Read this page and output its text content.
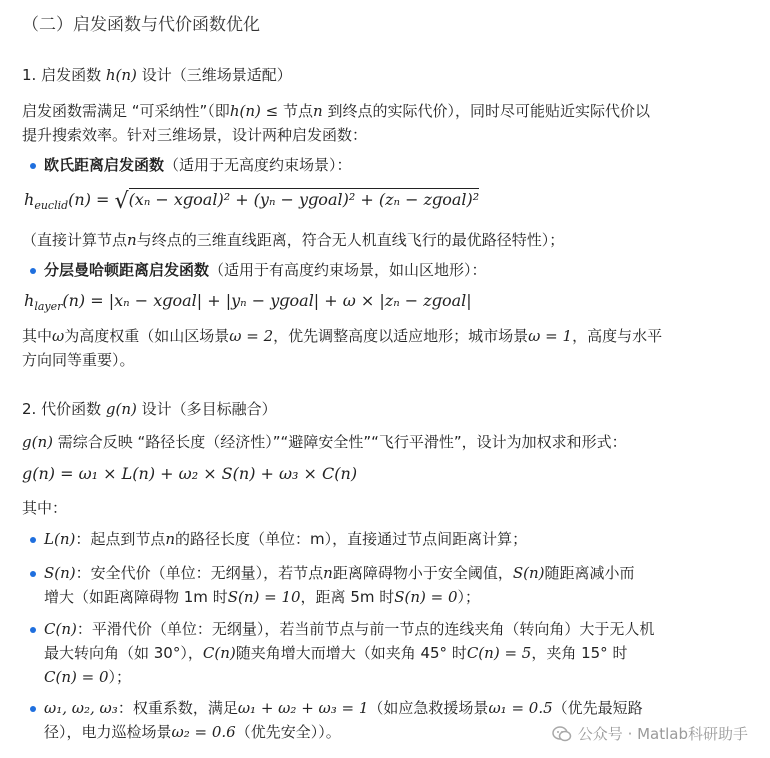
（二）启发函数与代价函数优化
1. 启发函数 h(n) 设计（三维场景适配）
启发函数需满足 “可采纳性”（即h(n) ≤ 节点n 到终点的实际代价），同时尽可能贴近实际代价以
提升搜索效率。针对三维场景，设计两种启发函数：
欧氏距离启发函数（适用于无高度约束场景）：
$h_{euclid}(n) = √(x_n$ − xɡoal)² + (yₙ − yɡoal)² + (zₙ − zɡoal)²
（直接计算节点n与终点的三维直线距离，符合无人机直线飞行的最优路径特性）；
分层曼哈顿距离启发函数（适用于有高度约束场景，如山区地形）：
$h_{layer}(n) = |x_n$ − xɡoal| + |yₙ − yɡoal| + ω × |zₙ − zɡoal|
其中ω为高度权重（如山区场景ω = 2，优先调整高度以适应地形；城市场景ω = 1，高度与水平
方向同等重要）。
2. 代价函数 g(n) 设计（多目标融合）
g(n) 需综合反映 “路径长度（经济性）”“避障安全性”“飞行平滑性”，设计为加权求和形式：
g(n) = ω₁ × L(n) + ω₂ × S(n) + ω₃ × C(n)
其中：
L(n)：起点到节点n的路径长度（单位：m），直接通过节点间距离计算；
S(n)：安全代价（单位：无纲量），若节点n距离障碍物小于安全阈值，S(n)随距离减小而
增大（如距离障碍物 1m 时S(n) = 10，距离 5m 时S(n) = 0）；
C(n)：平滑代价（单位：无纲量），若当前节点与前一节点的连线夹角（转向角）大于无人机
最大转向角（如 30°），C(n)随夹角增大而增大（如夹角 45° 时C(n) = 5，夹角 15° 时
C(n) = 0）；
ω₁, ω₂, ω₃：权重系数，满足ω₁ + ω₂ + ω₃ = 1（如应急救援场景ω₁ = 0.5（优先最短路
径），电力巡检场景ω₂ = 0.6（优先安全））。	公众号 · Matlab科研助手
